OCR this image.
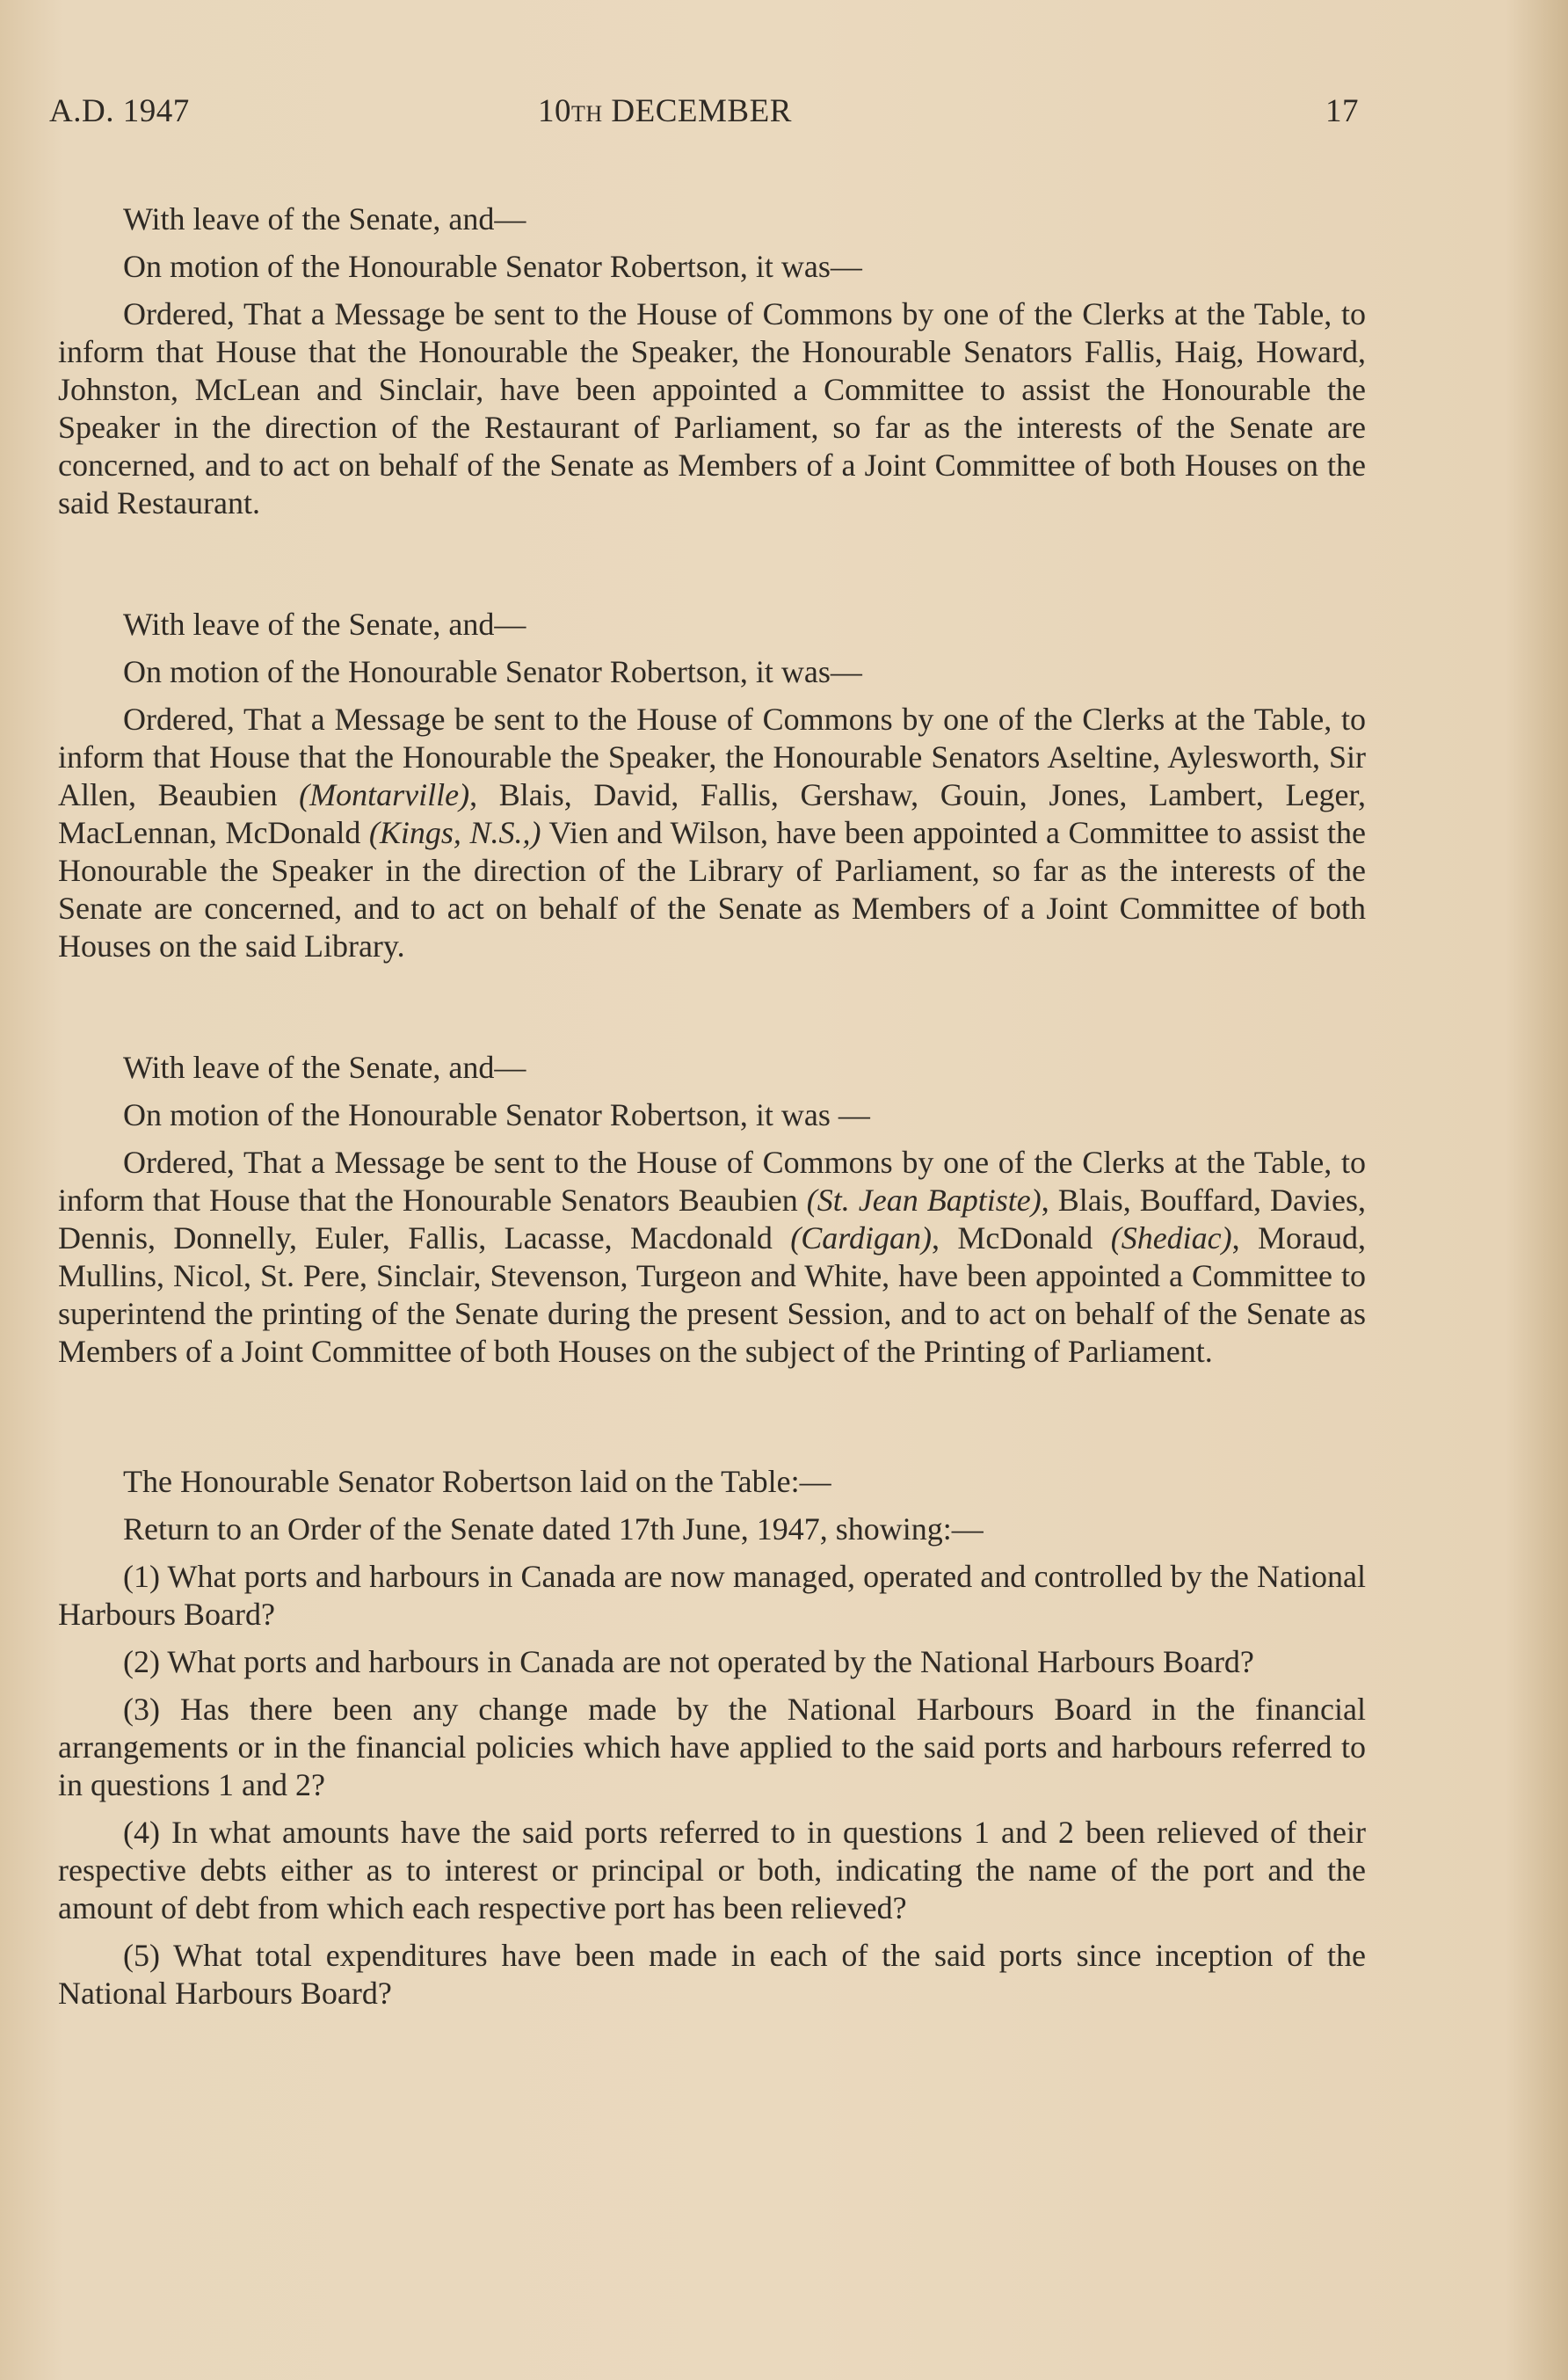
A.D. 1947	10TH DECEMBER	17

With leave of the Senate, and—

On motion of the Honourable Senator Robertson, it was—

Ordered, That a Message be sent to the House of Commons by one of the Clerks at the Table, to inform that House that the Honourable the Speaker, the Honourable Senators Fallis, Haig, Howard, Johnston, McLean and Sinclair, have been appointed a Committee to assist the Honourable the Speaker in the direction of the Restaurant of Parliament, so far as the interests of the Senate are concerned, and to act on behalf of the Senate as Members of a Joint Committee of both Houses on the said Restaurant.

With leave of the Senate, and—

On motion of the Honourable Senator Robertson, it was—

Ordered, That a Message be sent to the House of Commons by one of the Clerks at the Table, to inform that House that the Honourable the Speaker, the Honourable Senators Aseltine, Aylesworth, Sir Allen, Beaubien (Montarville), Blais, David, Fallis, Gershaw, Gouin, Jones, Lambert, Leger, MacLennan, McDonald (Kings, N.S.,) Vien and Wilson, have been appointed a Committee to assist the Honourable the Speaker in the direction of the Library of Parliament, so far as the interests of the Senate are concerned, and to act on behalf of the Senate as Members of a Joint Committee of both Houses on the said Library.

With leave of the Senate, and—

On motion of the Honourable Senator Robertson, it was —

Ordered, That a Message be sent to the House of Commons by one of the Clerks at the Table, to inform that House that the Honourable Senators Beaubien (St. Jean Baptiste), Blais, Bouffard, Davies, Dennis, Donnelly, Euler, Fallis, Lacasse, Macdonald (Cardigan), McDonald (Shediac), Moraud, Mullins, Nicol, St. Pere, Sinclair, Stevenson, Turgeon and White, have been appointed a Committee to superintend the printing of the Senate during the present Session, and to act on behalf of the Senate as Members of a Joint Committee of both Houses on the subject of the Printing of Parliament.

The Honourable Senator Robertson laid on the Table:—

Return to an Order of the Senate dated 17th June, 1947, showing:—

(1) What ports and harbours in Canada are now managed, operated and controlled by the National Harbours Board?

(2) What ports and harbours in Canada are not operated by the National Harbours Board?

(3) Has there been any change made by the National Harbours Board in the financial arrangements or in the financial policies which have applied to the said ports and harbours referred to in questions 1 and 2?

(4) In what amounts have the said ports referred to in questions 1 and 2 been relieved of their respective debts either as to interest or principal or both, indicating the name of the port and the amount of debt from which each respective port has been relieved?

(5) What total expenditures have been made in each of the said ports since inception of the National Harbours Board?
